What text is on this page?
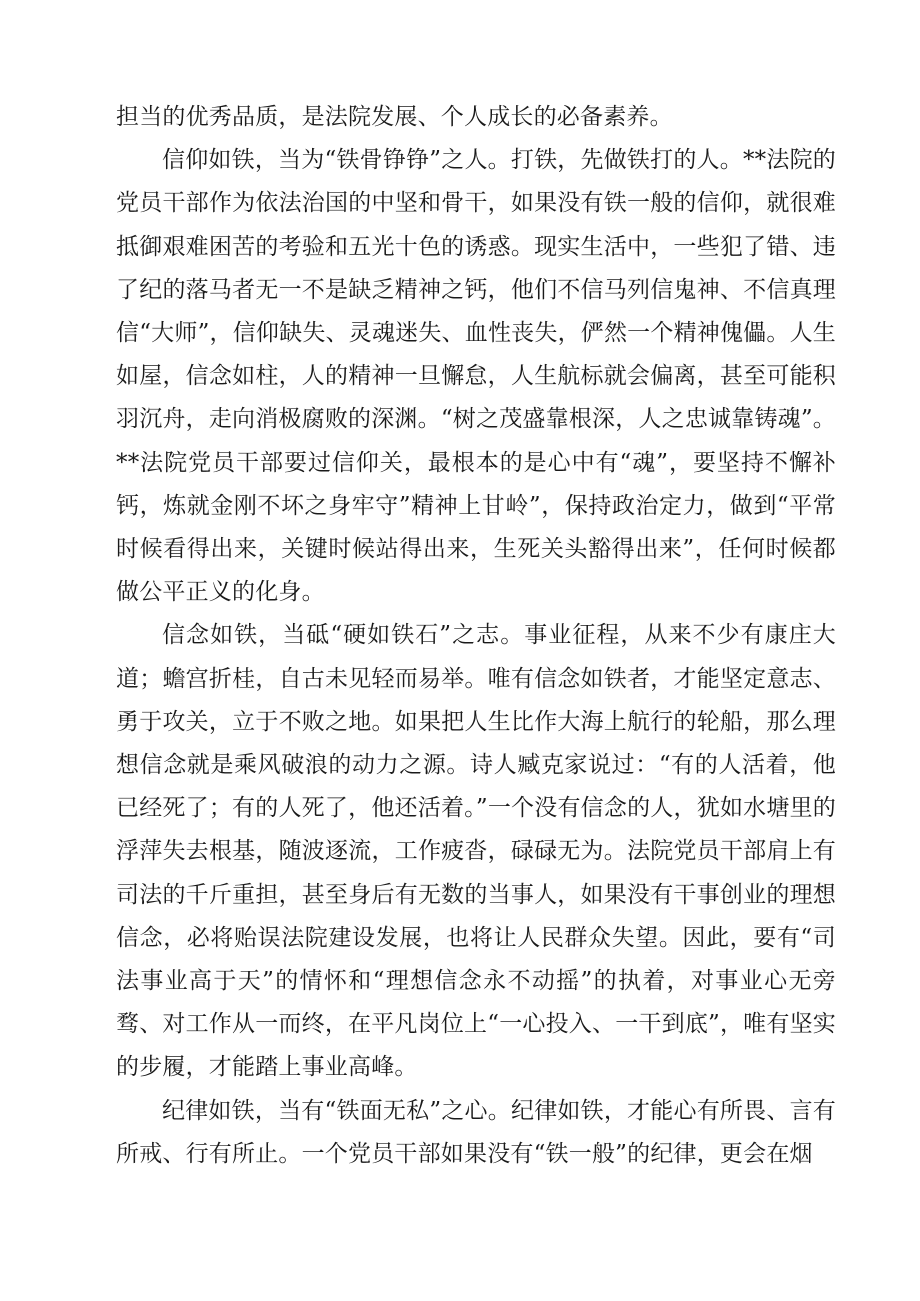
担当的优秀品质，是法院发展、个人成长的必备素养。

信仰如铁，当为“铁骨铮铮”之人。打铁，先做铁打的人。**法院的党员干部作为依法治国的中坚和骨干，如果没有铁一般的信仰，就很难抵御艰难困苦的考验和五光十色的诱惑。现实生活中，一些犯了错、违了纪的落马者无一不是缺乏精神之钙，他们不信马列信鬼神、不信真理信“大师”，信仰缺失、灵魂迷失、血性丧失，俨然一个精神傀儡。人生如屋，信念如柱，人的精神一旦懈怠，人生航标就会偏离，甚至可能积羽沉舟，走向消极腐败的深渊。“树之茂盛靠根深，人之忠诚靠铸魂”。**法院党员干部要过信仰关，最根本的是心中有“魂”，要坚持不懈补钙，炼就金刚不坏之身牢守”精神上甘岭”，保持政治定力，做到“平常时候看得出来，关键时候站得出来，生死关头豁得出来”，任何时候都做公平正义的化身。

信念如铁，当砥“硬如铁石”之志。事业征程，从来不少有康庄大道；蟾宫折桂，自古未见轻而易举。唯有信念如铁者，才能坚定意志、勇于攻关，立于不败之地。如果把人生比作大海上航行的轮船，那么理想信念就是乘风破浪的动力之源。诗人臧克家说过：“有的人活着，他已经死了；有的人死了，他还活着。”一个没有信念的人，犹如水塘里的浮萍失去根基，随波逐流，工作疲沓，碌碌无为。法院党员干部肩上有司法的千斤重担，甚至身后有无数的当事人，如果没有干事创业的理想信念，必将贻误法院建设发展，也将让人民群众失望。因此，要有“司法事业高于天”的情怀和“理想信念永不动摇”的执着，对事业心无旁骛、对工作从一而终，在平凡岗位上“一心投入、一干到底”，唯有坚实的步履，才能踏上事业高峰。

纪律如铁，当有“铁面无私”之心。纪律如铁，才能心有所畏、言有所戒、行有所止。一个党员干部如果没有“铁一般”的纪律，更会在烟
